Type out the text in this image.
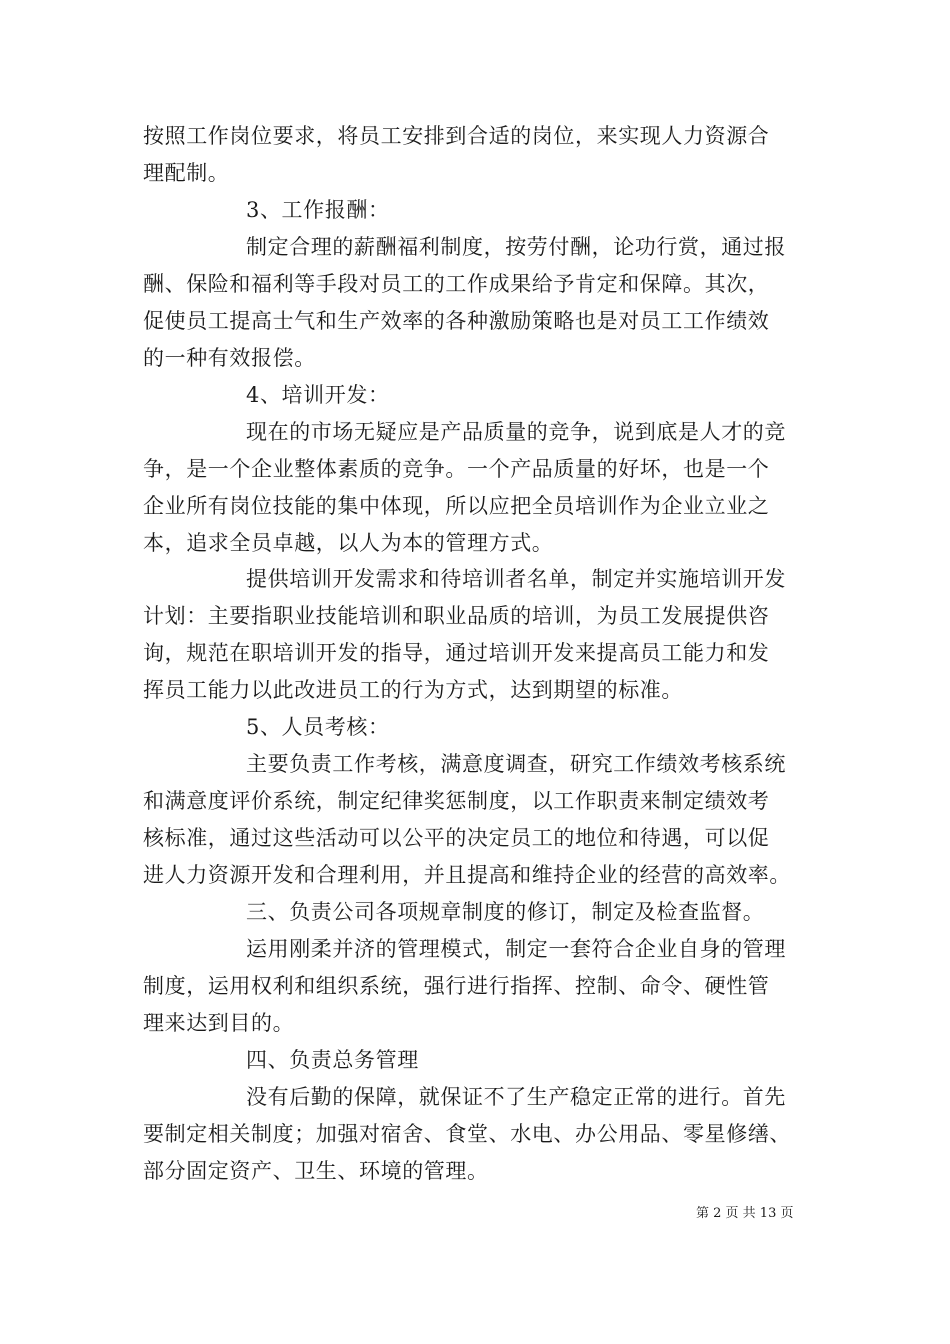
按照工作岗位要求，将员工安排到合适的岗位，来实现人力资源合
理配制。
3、工作报酬：
制定合理的薪酬福利制度，按劳付酬，论功行赏，通过报
酬、保险和福利等手段对员工的工作成果给予肯定和保障。其次，
促使员工提高士气和生产效率的各种激励策略也是对员工工作绩效
的一种有效报偿。
4、培训开发：
现在的市场无疑应是产品质量的竞争，说到底是人才的竞
争，是一个企业整体素质的竞争。一个产品质量的好坏，也是一个
企业所有岗位技能的集中体现，所以应把全员培训作为企业立业之
本，追求全员卓越，以人为本的管理方式。
提供培训开发需求和待培训者名单，制定并实施培训开发
计划：主要指职业技能培训和职业品质的培训，为员工发展提供咨
询，规范在职培训开发的指导，通过培训开发来提高员工能力和发
挥员工能力以此改进员工的行为方式，达到期望的标准。
5、人员考核：
主要负责工作考核，满意度调查，研究工作绩效考核系统
和满意度评价系统，制定纪律奖惩制度，以工作职责来制定绩效考
核标准，通过这些活动可以公平的决定员工的地位和待遇，可以促
进人力资源开发和合理利用，并且提高和维持企业的经营的高效率。
三、负责公司各项规章制度的修订，制定及检查监督。
运用刚柔并济的管理模式，制定一套符合企业自身的管理
制度，运用权利和组织系统，强行进行指挥、控制、命令、硬性管
理来达到目的。
四、负责总务管理
没有后勤的保障，就保证不了生产稳定正常的进行。首先
要制定相关制度；加强对宿舍、食堂、水电、办公用品、零星修缮、
部分固定资产、卫生、环境的管理。
第 2 页 共 13 页
